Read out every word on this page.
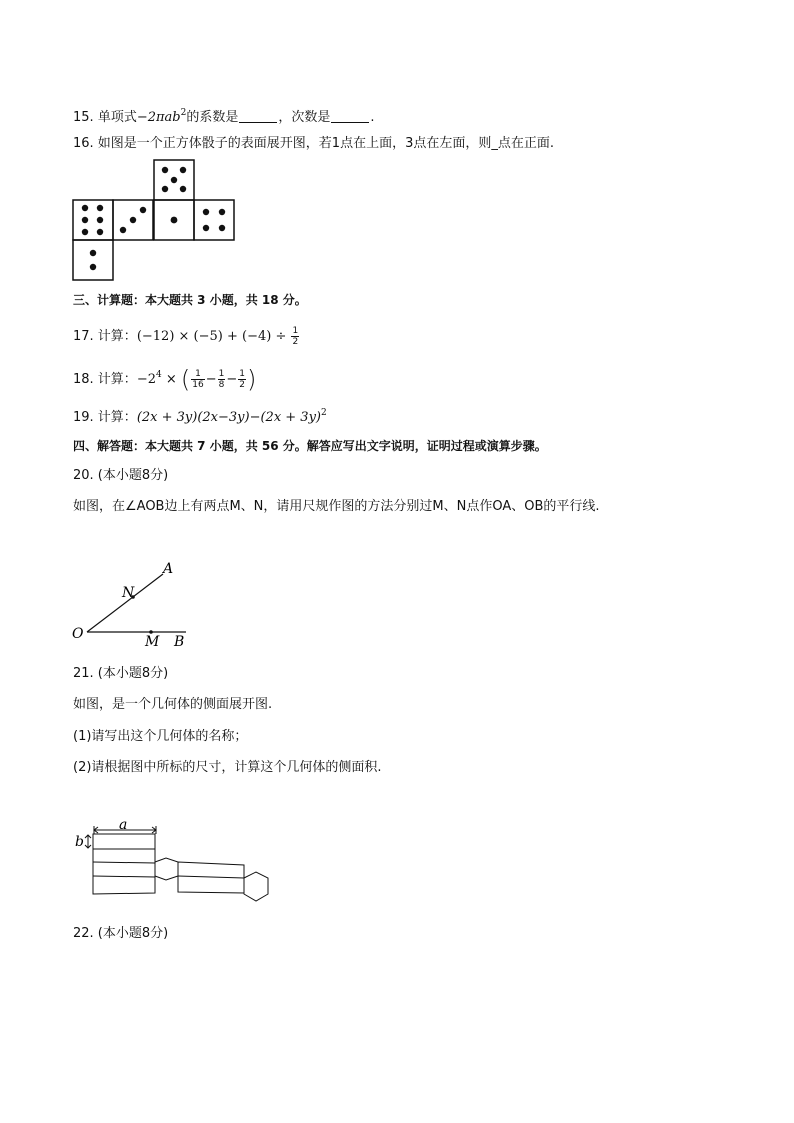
15. 单项式−2πab$^2$的系数是	，次数是	.
16. 如图是一个正方体骰子的表面展开图，若1点在上面，3点在左面，则_点在正面.
三、计算题：本大题共 3 小题，共 18 分。
17. 计算：$(-12) \times (-5) + (-4) \div \frac{1}{2}$
18. 计算：$-2^4$ × ( $\frac{1}{16} - \frac{1}{8} - \frac{1}{2}$ )
19. 计算：$(2x + 3y)(2x-3y)-(2x + 3y)^2$
四、解答题：本大题共 7 小题，共 56 分。解答应写出文字说明，证明过程或演算步骤。
20. (本小题8分)
如图，在∠AOB边上有两点M、N，请用尺规作图的方法分别过M、N点作OA、OB的平行线.
A
N
O	M B
21. (本小题8分)
如图，是一个几何体的侧面展开图.
(1)请写出这个几何体的名称；
(2)请根据图中所标的尺寸，计算这个几何体的侧面积.
a
b
22. (本小题8分)
